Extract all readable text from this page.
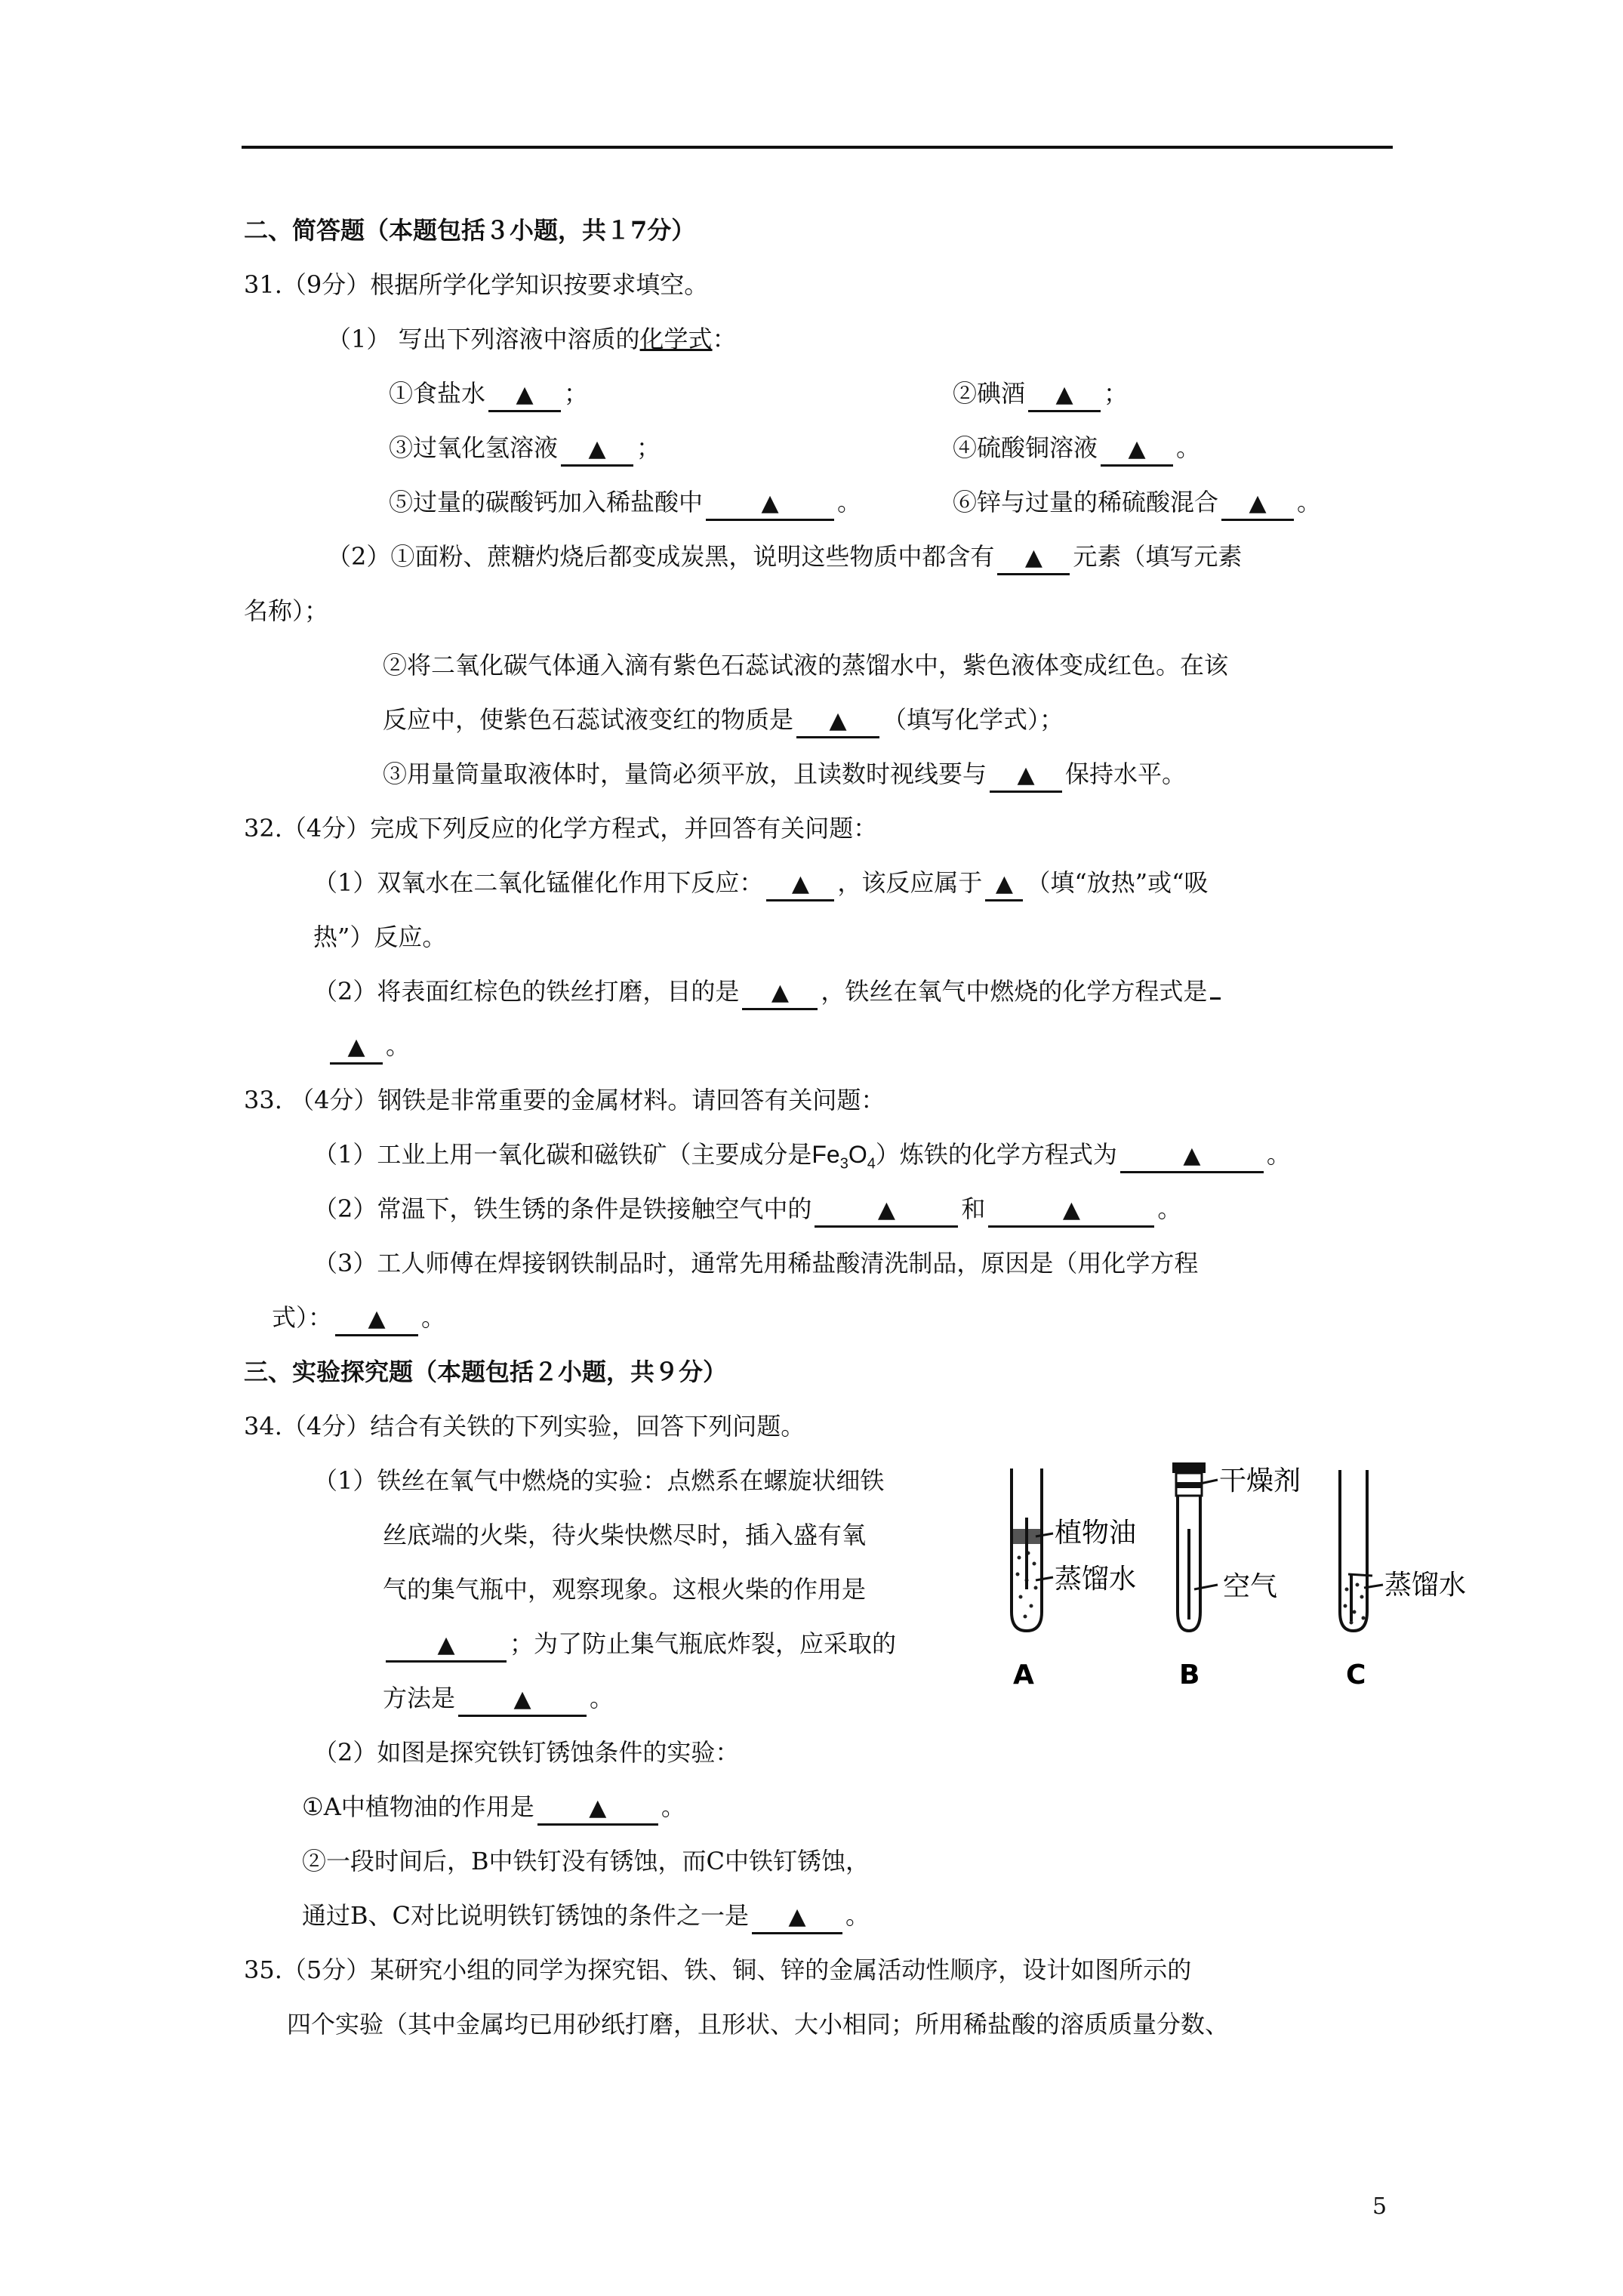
二、简答题（本题包括３小题，共１7分）
31.（9分）根据所学化学知识按要求填空。
（1） 写出下列溶液中溶质的化学式：
①食盐水 ▲ ；	②碘酒 ▲ ；
③过氧化氢溶液 ▲ ；	④硫酸铜溶液 ▲ 。
⑤过量的碳酸钙加入稀盐酸中	▲ 。	⑥锌与过量的稀硫酸混合 ▲ 。
（2）①面粉、蔗糖灼烧后都变成炭黑，说明这些物质中都含有 ▲ 元素（填写元素
名称）；
②将二氧化碳气体通入滴有紫色石蕊试液的蒸馏水中，紫色液体变成红色。在该
反应中，使紫色石蕊试液变红的物质是 ▲ （填写化学式）；
③用量筒量取液体时，量筒必须平放，且读数时视线要与 ▲ 保持水平。
32.（4分）完成下列反应的化学方程式，并回答有关问题：
（1）双氧水在二氧化锰催化作用下反应： ▲ ，该反应属于 ▲ （填“放热”或“吸
热”）反应。
（2）将表面红棕色的铁丝打磨，目的是 ▲ ，铁丝在氧气中燃烧的化学方程式是
▲ 。
33. （4分）钢铁是非常重要的金属材料。请回答有关问题：
（1）工业上用一氧化碳和磁铁矿（主要成分是$Fe_3O_4$）炼铁的化学方程式为	▲	。
（2）常温下，铁生锈的条件是铁接触空气中的	▲	和	▲	。
（3）工人师傅在焊接钢铁制品时，通常先用稀盐酸清洗制品，原因是（用化学方程
式）： ▲ 。
三、实验探究题（本题包括２小题，共９分）
34.（4分）结合有关铁的下列实验，回答下列问题。
（1）铁丝在氧气中燃烧的实验：点燃系在螺旋状细铁
丝底端的火柴，待火柴快燃尽时，插入盛有氧
气的集气瓶中，观察现象。这根火柴的作用是
▲ ；为了防止集气瓶底炸裂，应采取的
方法是	▲ 。
（2）如图是探究铁钉锈蚀条件的实验：
①A中植物油的作用是 ▲ 。
②一段时间后，B中铁钉没有锈蚀，而C中铁钉锈蚀，
通过B、C对比说明铁钉锈蚀的条件之一是 ▲ 。
35.（5分）某研究小组的同学为探究铝、铁、铜、锌的金属活动性顺序，设计如图所示的
四个实验（其中金属均已用砂纸打磨，且形状、大小相同；所用稀盐酸的溶质质量分数、
植物油
蒸馏水
A
干燥剂
空气
B
蒸馏水
C
5
